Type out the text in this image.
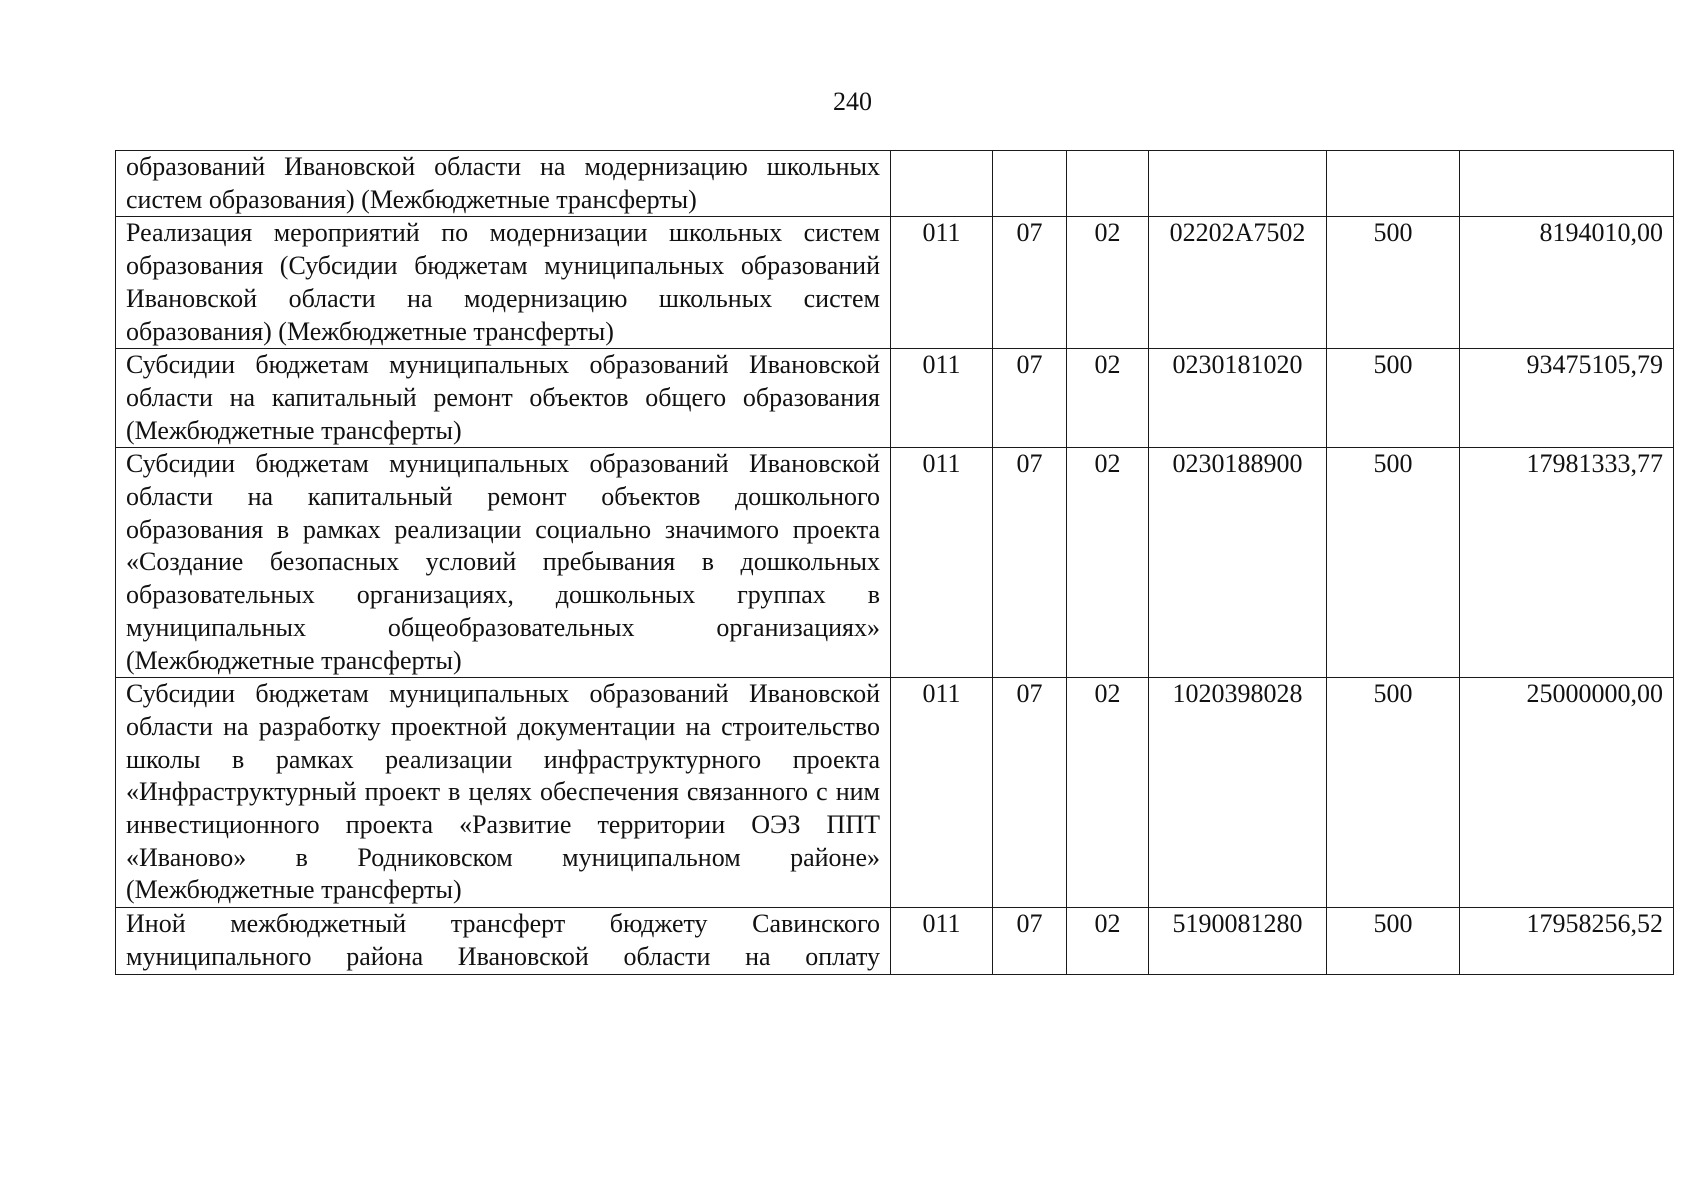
240
образований Ивановской области на модернизацию школьных систем образования) (Межбюджетные трансферты)						
Реализация мероприятий по модернизации школьных систем образования (Субсидии бюджетам муниципальных образований Ивановской области на модернизацию школьных систем образования) (Межбюджетные трансферты)	011	07	02	02202A7502	500	8194010,00
Субсидии бюджетам муниципальных образований Ивановской области на капитальный ремонт объектов общего образования (Межбюджетные трансферты)	011	07	02	0230181020	500	93475105,79
Субсидии бюджетам муниципальных образований Ивановской области на капитальный ремонт объектов дошкольного образования в рамках реализации социально значимого проекта «Создание безопасных условий пребывания в дошкольных образовательных организациях, дошкольных группах в муниципальных общеобразовательных организациях» (Межбюджетные трансферты)	011	07	02	0230188900	500	17981333,77
Субсидии бюджетам муниципальных образований Ивановской области на разработку проектной документации на строительство школы в рамках реализации инфраструктурного проекта «Инфраструктурный проект в целях обеспечения связанного с ним инвестиционного проекта «Развитие территории ОЭЗ ППТ «Иваново» в Родниковском муниципальном районе» (Межбюджетные трансферты)	011	07	02	1020398028	500	25000000,00
Иной межбюджетный трансферт бюджету Савинского муниципального района Ивановской области на оплату	011	07	02	5190081280	500	17958256,52
